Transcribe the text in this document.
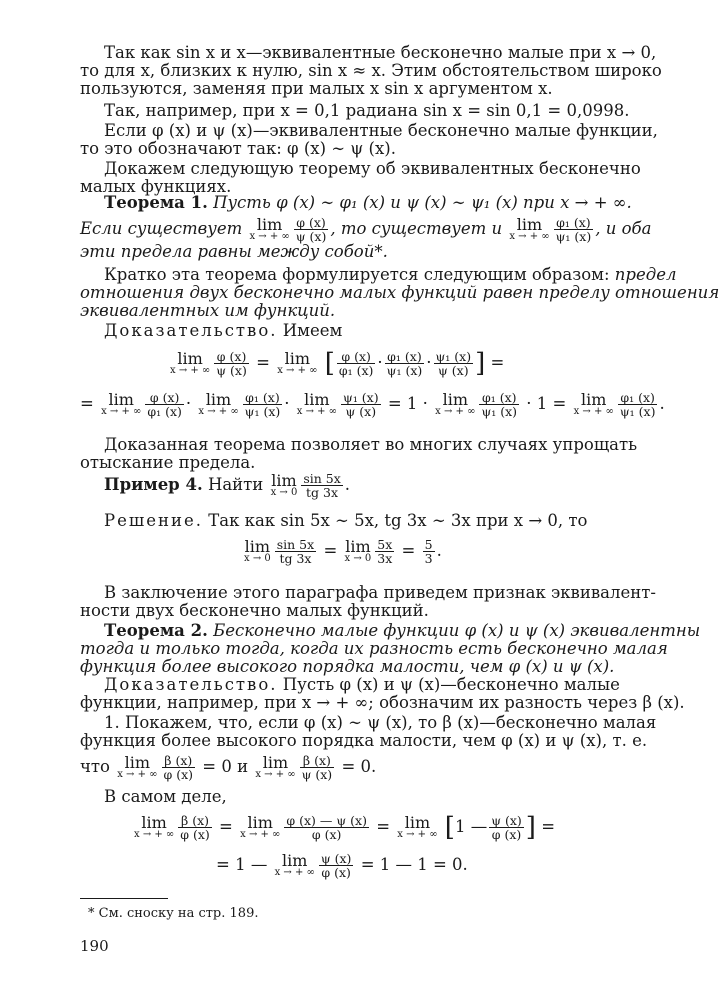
Так как sin x и x—эквивалентные бесконечно малые при x → 0,
то для x, близких к нулю, sin x ≈ x. Этим обстоятельством широко
пользуются, заменяя при малых x sin x аргументом x.
Так, например, при x = 0,1 радиана sin x = sin 0,1 = 0,0998.
Если φ (x) и ψ (x)—эквивалентные бесконечно малые функции,
то это обозначают так: φ (x) ∼ ψ (x).
Докажем следующую теорему об эквивалентных бесконечно
малых функциях.
Теорема 1. Пусть φ (x) ∼ φ₁ (x) и ψ (x) ∼ ψ₁ (x) при x → + ∞.
Если существует lim
x → + ∞ $\frac{\varphi (x)}{\psi (x)}$ , то существует и lim
x → + ∞ $\frac{\text{φ₁ (x)}}{\text{ψ₁ (x)}}$ , и оба
эти предела равны между собой*.
Кратко эта теорема формулируется следующим образом: предел
отношения двух бесконечно малых функций равен пределу отношения
эквивалентных им функций.
Доказательство. Имеем
lim
x → + ∞ $\frac{\varphi (x)}{\psi (x)} = \lim$
x → + ∞ [ $\frac{\varphi (x)}{\text{φ₁ (x)}} \cdot \frac{\text{φ₁ (x)}}{\text{ψ₁ (x)}} \cdot \frac{\text{ψ₁ (x)}}{\psi (x)}$ ] =
= lim
x → + ∞ $\frac{\varphi (x)}{\text{φ₁ (x)}} \cdot \lim$
x → + ∞ $\frac{\text{φ₁ (x)}}{\text{ψ₁ (x)}} \cdot \lim$
x → + ∞ $\frac{\text{ψ₁ (x)}}{\psi (x)} = 1 \cdot \lim$
x → + ∞ $\frac{\text{φ₁ (x)}}{\text{ψ₁ (x)}} \cdot 1 = \lim$
x → + ∞ $\frac{\text{φ₁ (x)}}{\text{ψ₁ (x)}}$ .
Доказанная теорема позволяет во многих случаях упрощать
отыскание предела.
Пример 4. Найти lim
$x \to 0 \frac{\sin 5x}{tg 3x}$ .
Решение. Так как sin 5x ∼ 5x, tg 3x ∼ 3x при x → 0, то
lim
$x \to 0 \frac{\sin 5x}{tg 3x} = \lim$
$x \to 0 \frac{5x}{3x} = \frac{5}{3}$ .
В заключение этого параграфа приведем признак эквивалент-
ности двух бесконечно малых функций.
Теорема 2. Бесконечно малые функции φ (x) и ψ (x) эквивалентны
тогда и только тогда, когда их разность есть бесконечно малая
функция более высокого порядка малости, чем φ (x) и ψ (x).
Доказательство. Пусть φ (x) и ψ (x)—бесконечно малые
функции, например, при x → + ∞; обозначим их разность через β (x).
1. Покажем, что, если φ (x) ∼ ψ (x), то β (x)—бесконечно малая
функция более высокого порядка малости, чем φ (x) и ψ (x), т. е.
что lim
x → + ∞ $\frac{\beta (x)}{\varphi (x)} = 0$ и lim
x → + ∞ $\frac{\beta (x)}{\psi (x)} = 0$.
В самом деле,
lim
x → + ∞ $\frac{\beta (x)}{\varphi (x)} = \lim$
x → + ∞ $\frac{\varphi (x) — \psi (x)}{\varphi (x)} = \lim$
x → + ∞ [1 — $\frac{\psi (x)}{\varphi (x)}$ ] =
= 1 — lim
x → + ∞ $\frac{\psi (x)}{\varphi (x)} = 1$ — 1 = 0.
* См. сноску на стр. 189.
190
